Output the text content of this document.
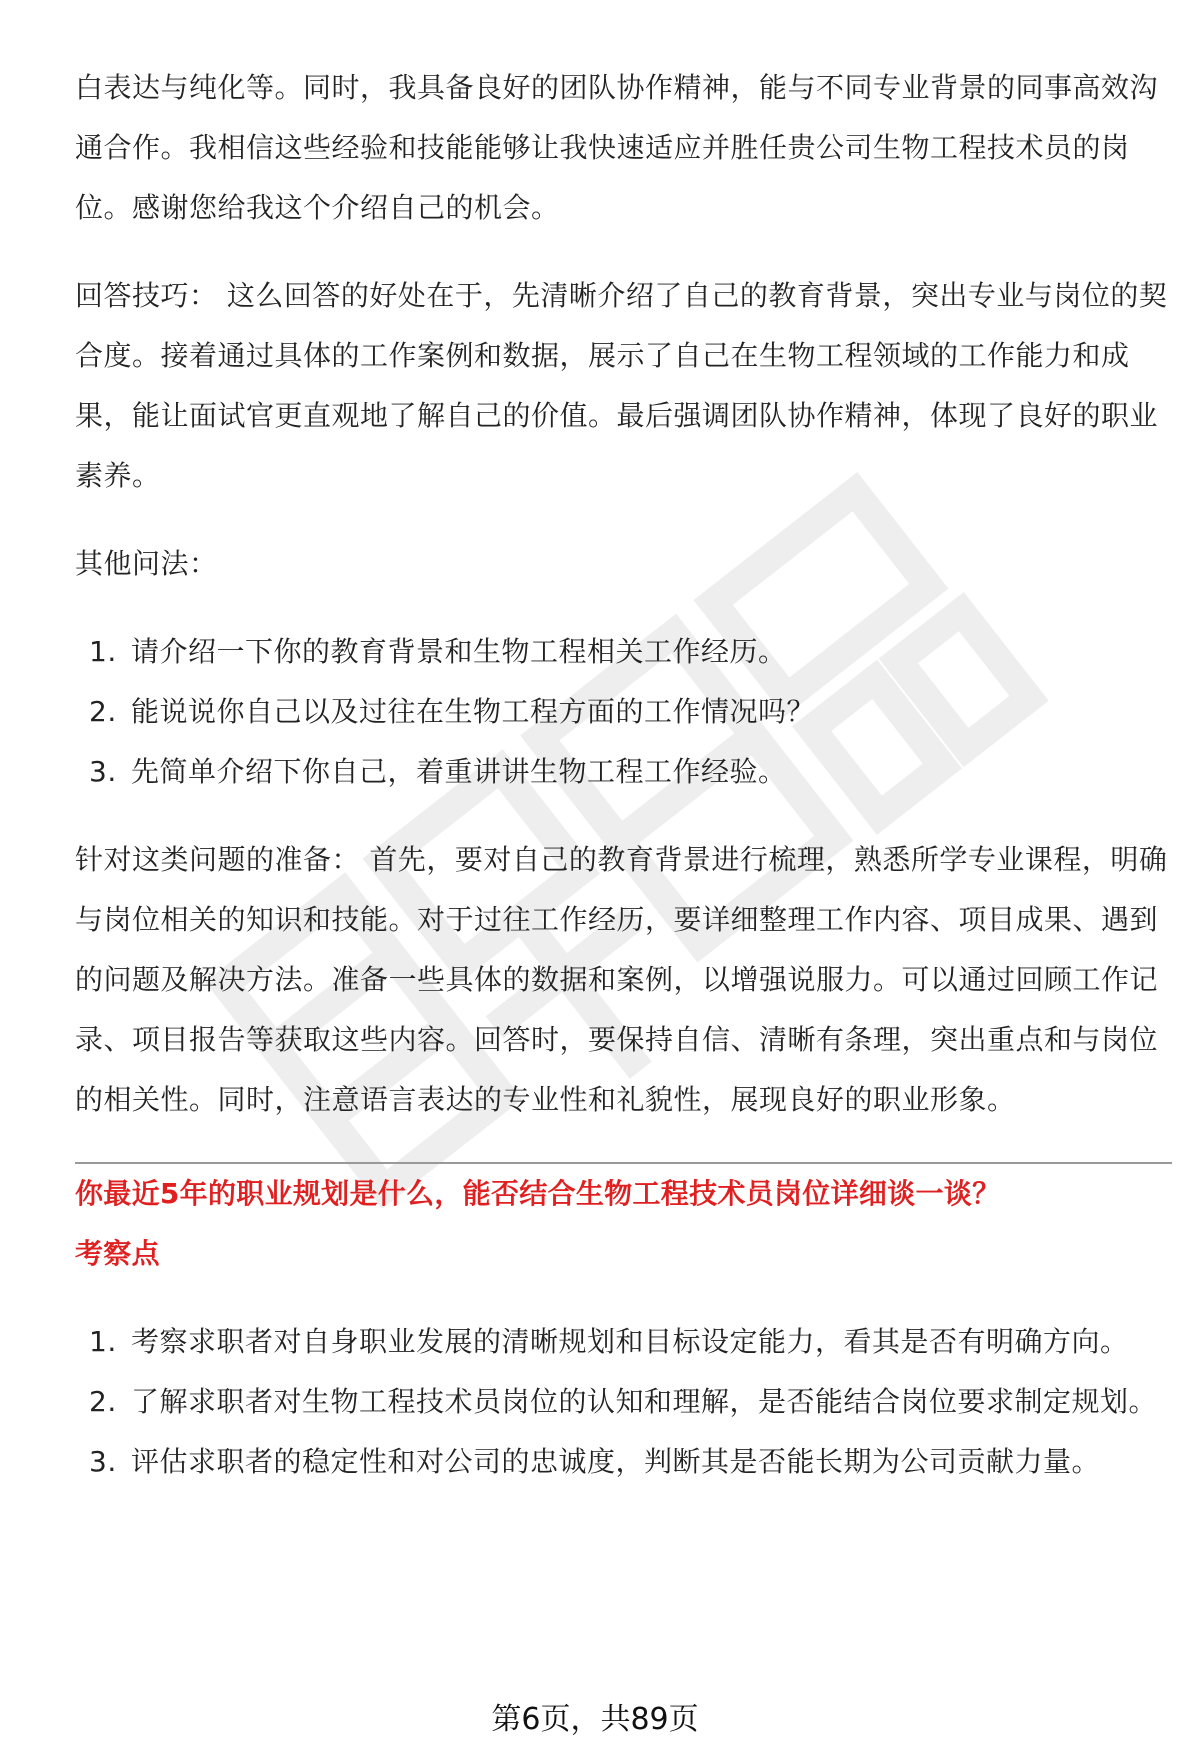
白表达与纯化等。同时，我具备良好的团队协作精神，能与不同专业背景的同事高效沟通合作。我相信这些经验和技能能够让我快速适应并胜任贵公司生物工程技术员的岗位。感谢您给我这个介绍自己的机会。

回答技巧： 这么回答的好处在于，先清晰介绍了自己的教育背景，突出专业与岗位的契合度。接着通过具体的工作案例和数据，展示了自己在生物工程领域的工作能力和成果，能让面试官更直观地了解自己的价值。最后强调团队协作精神，体现了良好的职业素养。

其他问法：

1. 请介绍一下你的教育背景和生物工程相关工作经历。
2. 能说说你自己以及过往在生物工程方面的工作情况吗？
3. 先简单介绍下你自己，着重讲讲生物工程工作经验。

针对这类问题的准备： 首先，要对自己的教育背景进行梳理，熟悉所学专业课程，明确与岗位相关的知识和技能。对于过往工作经历，要详细整理工作内容、项目成果、遇到的问题及解决方法。准备一些具体的数据和案例，以增强说服力。可以通过回顾工作记录、项目报告等获取这些内容。回答时，要保持自信、清晰有条理，突出重点和与岗位的相关性。同时，注意语言表达的专业性和礼貌性，展现良好的职业形象。

你最近5年的职业规划是什么，能否结合生物工程技术员岗位详细谈一谈？

考察点

1. 考察求职者对自身职业发展的清晰规划和目标设定能力，看其是否有明确方向。
2. 了解求职者对生物工程技术员岗位的认知和理解，是否能结合岗位要求制定规划。
3. 评估求职者的稳定性和对公司的忠诚度，判断其是否能长期为公司贡献力量。
第6页，共89页
